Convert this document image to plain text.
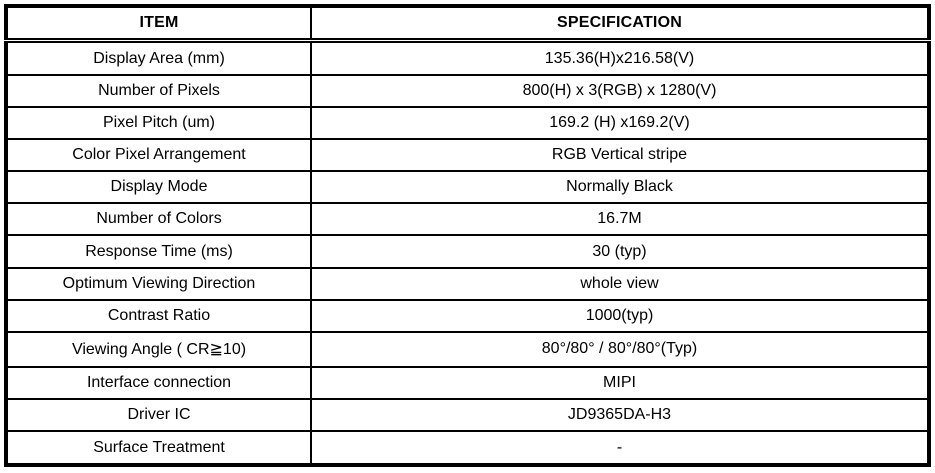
ITEM	SPECIFICATION
Display Area (mm)	135.36(H)x216.58(V)
Number of Pixels	800(H) x 3(RGB) x 1280(V)
Pixel Pitch (um)	169.2 (H) x169.2(V)
Color Pixel Arrangement	RGB Vertical stripe
Display Mode	Normally Black
Number of Colors	16.7M
Response Time (ms)	30 (typ)
Optimum Viewing Direction	whole view
Contrast Ratio	1000(typ)
Viewing Angle ( CR≧10)	80°/80° / 80°/80°(Typ)
Interface connection	MIPI
Driver IC	JD9365DA-H3
Surface Treatment	-
